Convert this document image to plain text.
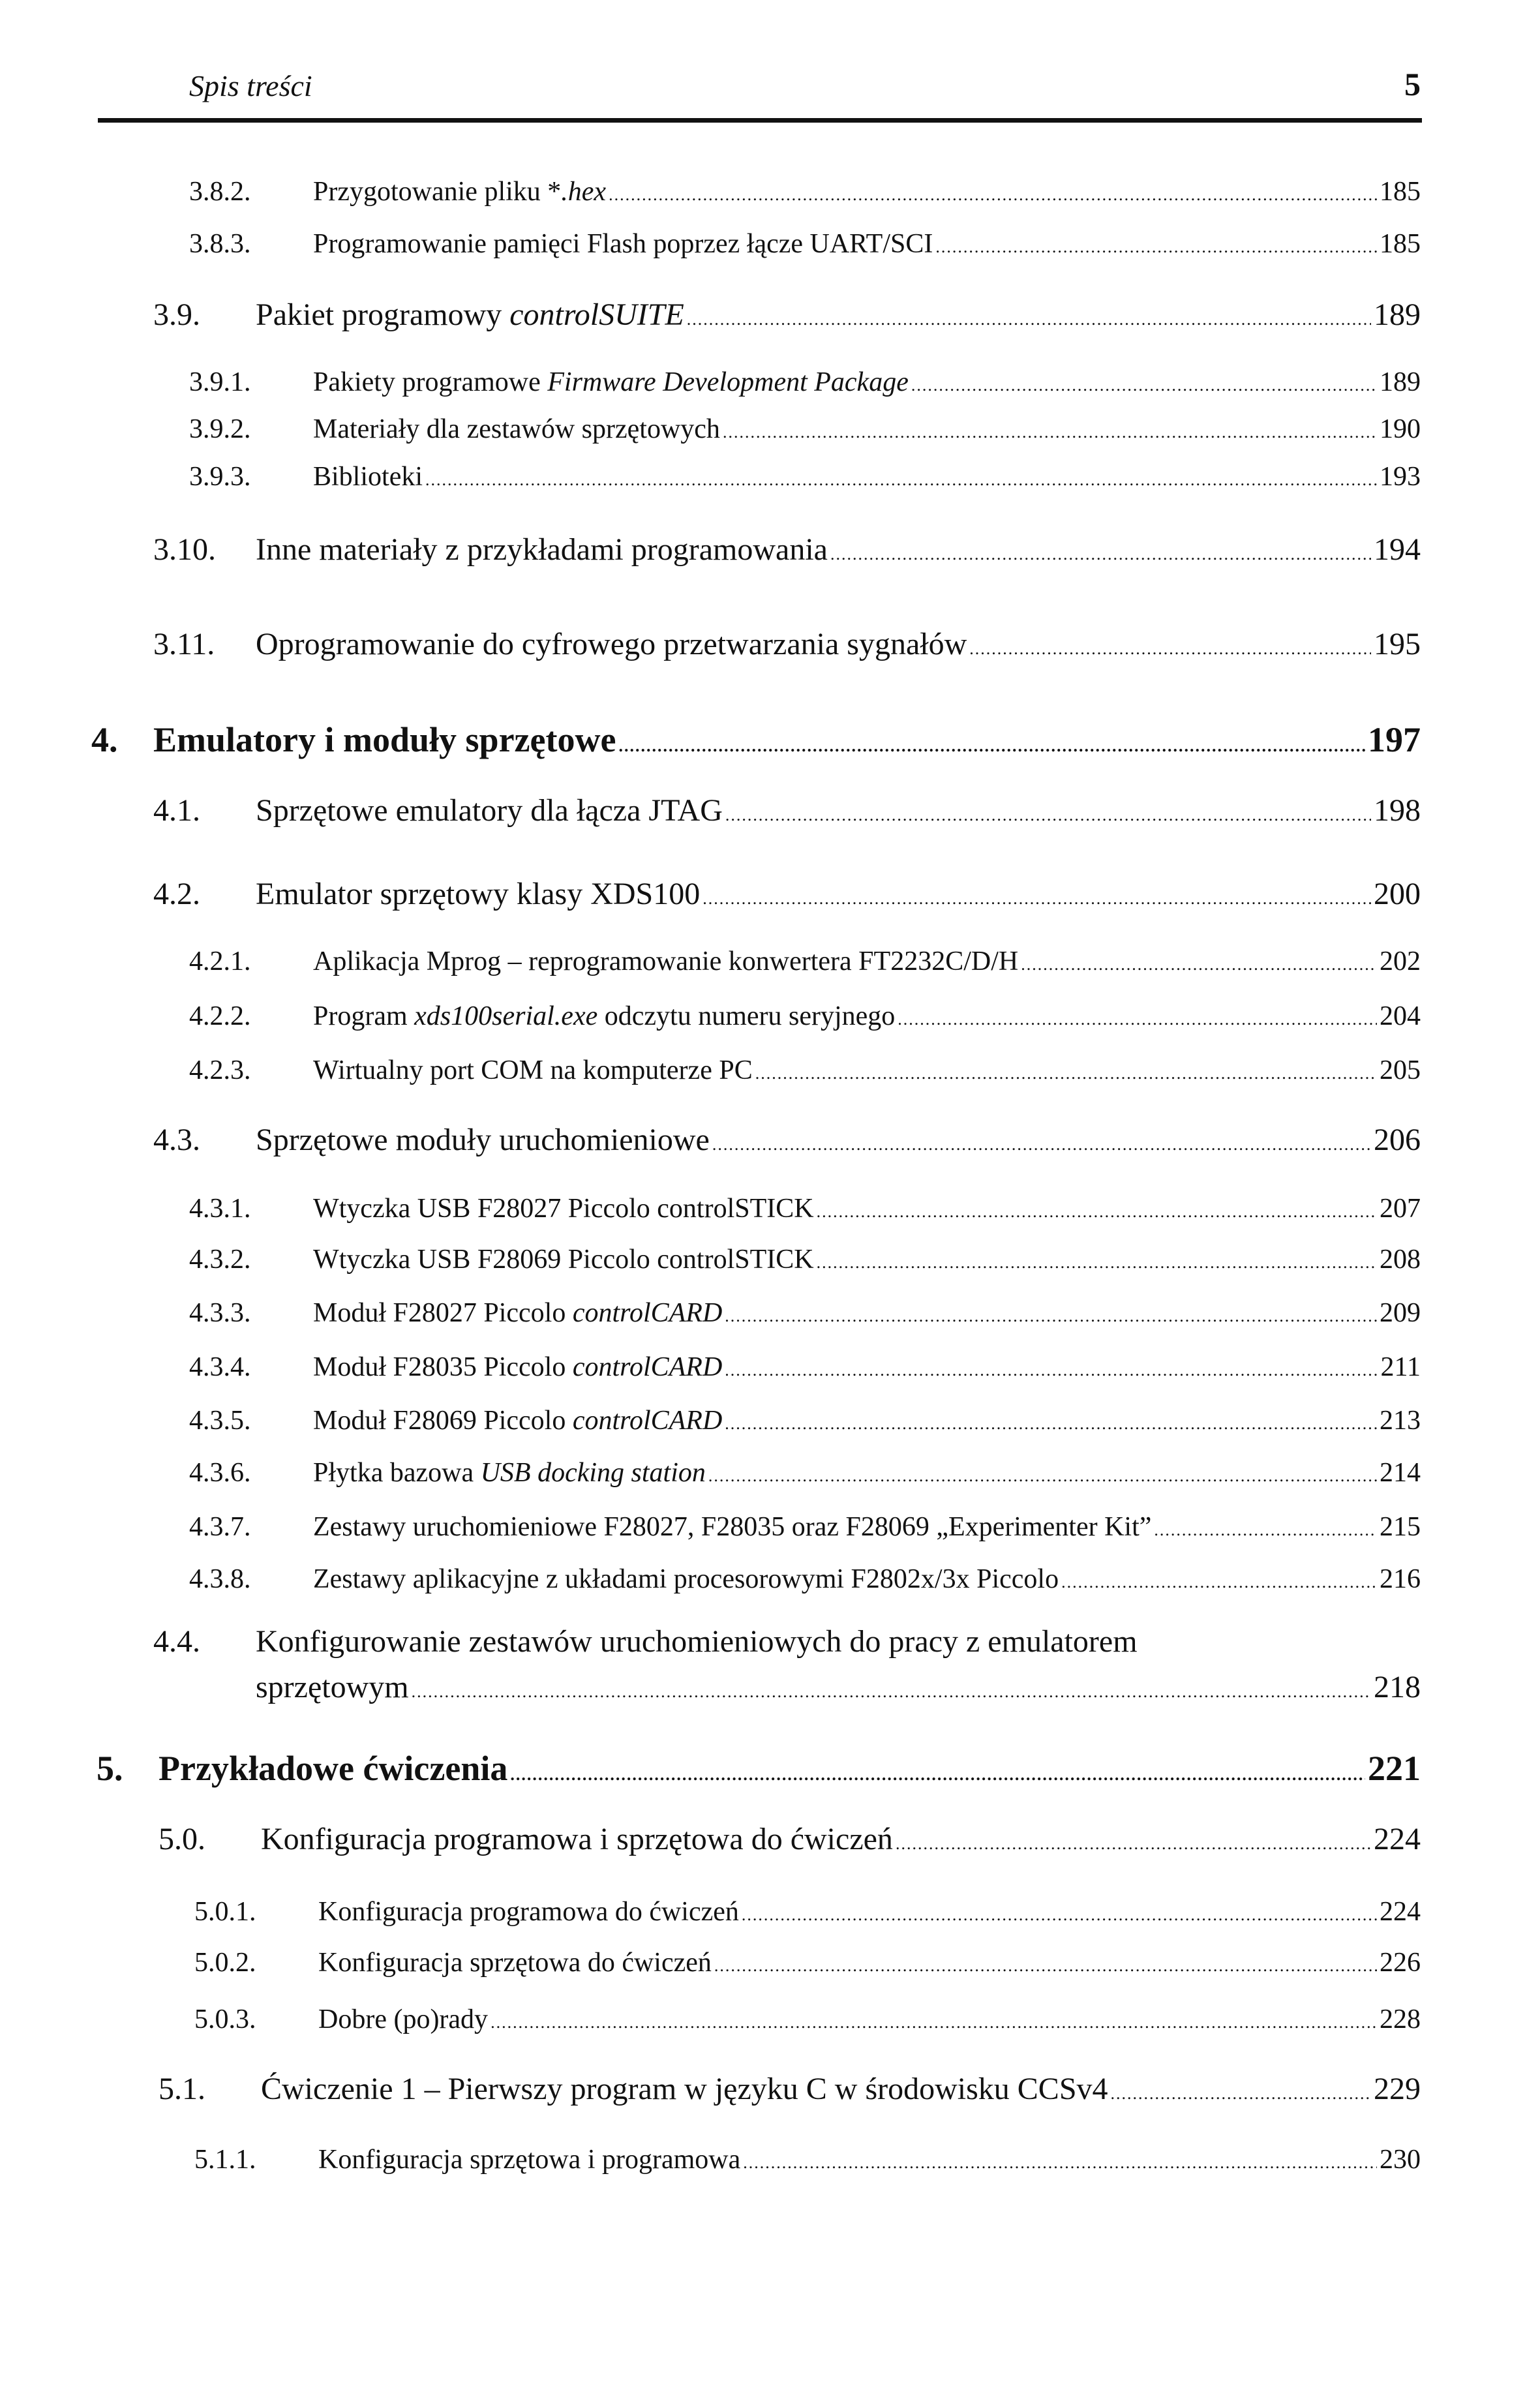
Spis treści	5
3.8.2.	Przygotowanie pliku *.hex .....	185
3.8.3.	Programowanie pamięci Flash poprzez łącze UART/SCI .....	185
3.9.	Pakiet programowy controlSUITE .....	189
3.9.1.	Pakiety programowe Firmware Development Package .....	189
3.9.2.	Materiały dla zestawów sprzętowych .....	190
3.9.3.	Biblioteki .....	193
3.10.	Inne materiały z przykładami programowania .....	194
3.11.	Oprogramowanie do cyfrowego przetwarzania sygnałów .....	195
4.	Emulatory i moduły sprzętowe .....	197
4.1.	Sprzętowe emulatory dla łącza JTAG .....	198
4.2.	Emulator sprzętowy klasy XDS100 .....	200
4.2.1.	Aplikacja Mprog – reprogramowanie konwertera FT2232C/D/H .....	202
4.2.2.	Program xds100serial.exe odczytu numeru seryjnego .....	204
4.2.3.	Wirtualny port COM na komputerze PC .....	205
4.3.	Sprzętowe moduły uruchomieniowe .....	206
4.3.1.	Wtyczka USB F28027 Piccolo controlSTICK .....	207
4.3.2.	Wtyczka USB F28069 Piccolo controlSTICK .....	208
4.3.3.	Moduł F28027 Piccolo controlCARD .....	209
4.3.4.	Moduł F28035 Piccolo controlCARD .....	211
4.3.5.	Moduł F28069 Piccolo controlCARD .....	213
4.3.6.	Płytka bazowa USB docking station .....	214
4.3.7.	Zestawy uruchomieniowe F28027, F28035 oraz F28069 „Experimenter Kit” .....	215
4.3.8.	Zestawy aplikacyjne z układami procesorowymi F2802x/3x Piccolo .....	216
4.4.	Konfigurowanie zestawów uruchomieniowych do pracy z emulatorem
sprzętowym .....	218
5.	Przykładowe ćwiczenia .....	221
5.0.	Konfiguracja programowa i sprzętowa do ćwiczeń .....	224
5.0.1.	Konfiguracja programowa do ćwiczeń .....	224
5.0.2.	Konfiguracja sprzętowa do ćwiczeń .....	226
5.0.3.	Dobre (po)rady .....	228
5.1.	Ćwiczenie 1 – Pierwszy program w języku C w środowisku CCSv4 .....	229
5.1.1.	Konfiguracja sprzętowa i programowa .....	230
